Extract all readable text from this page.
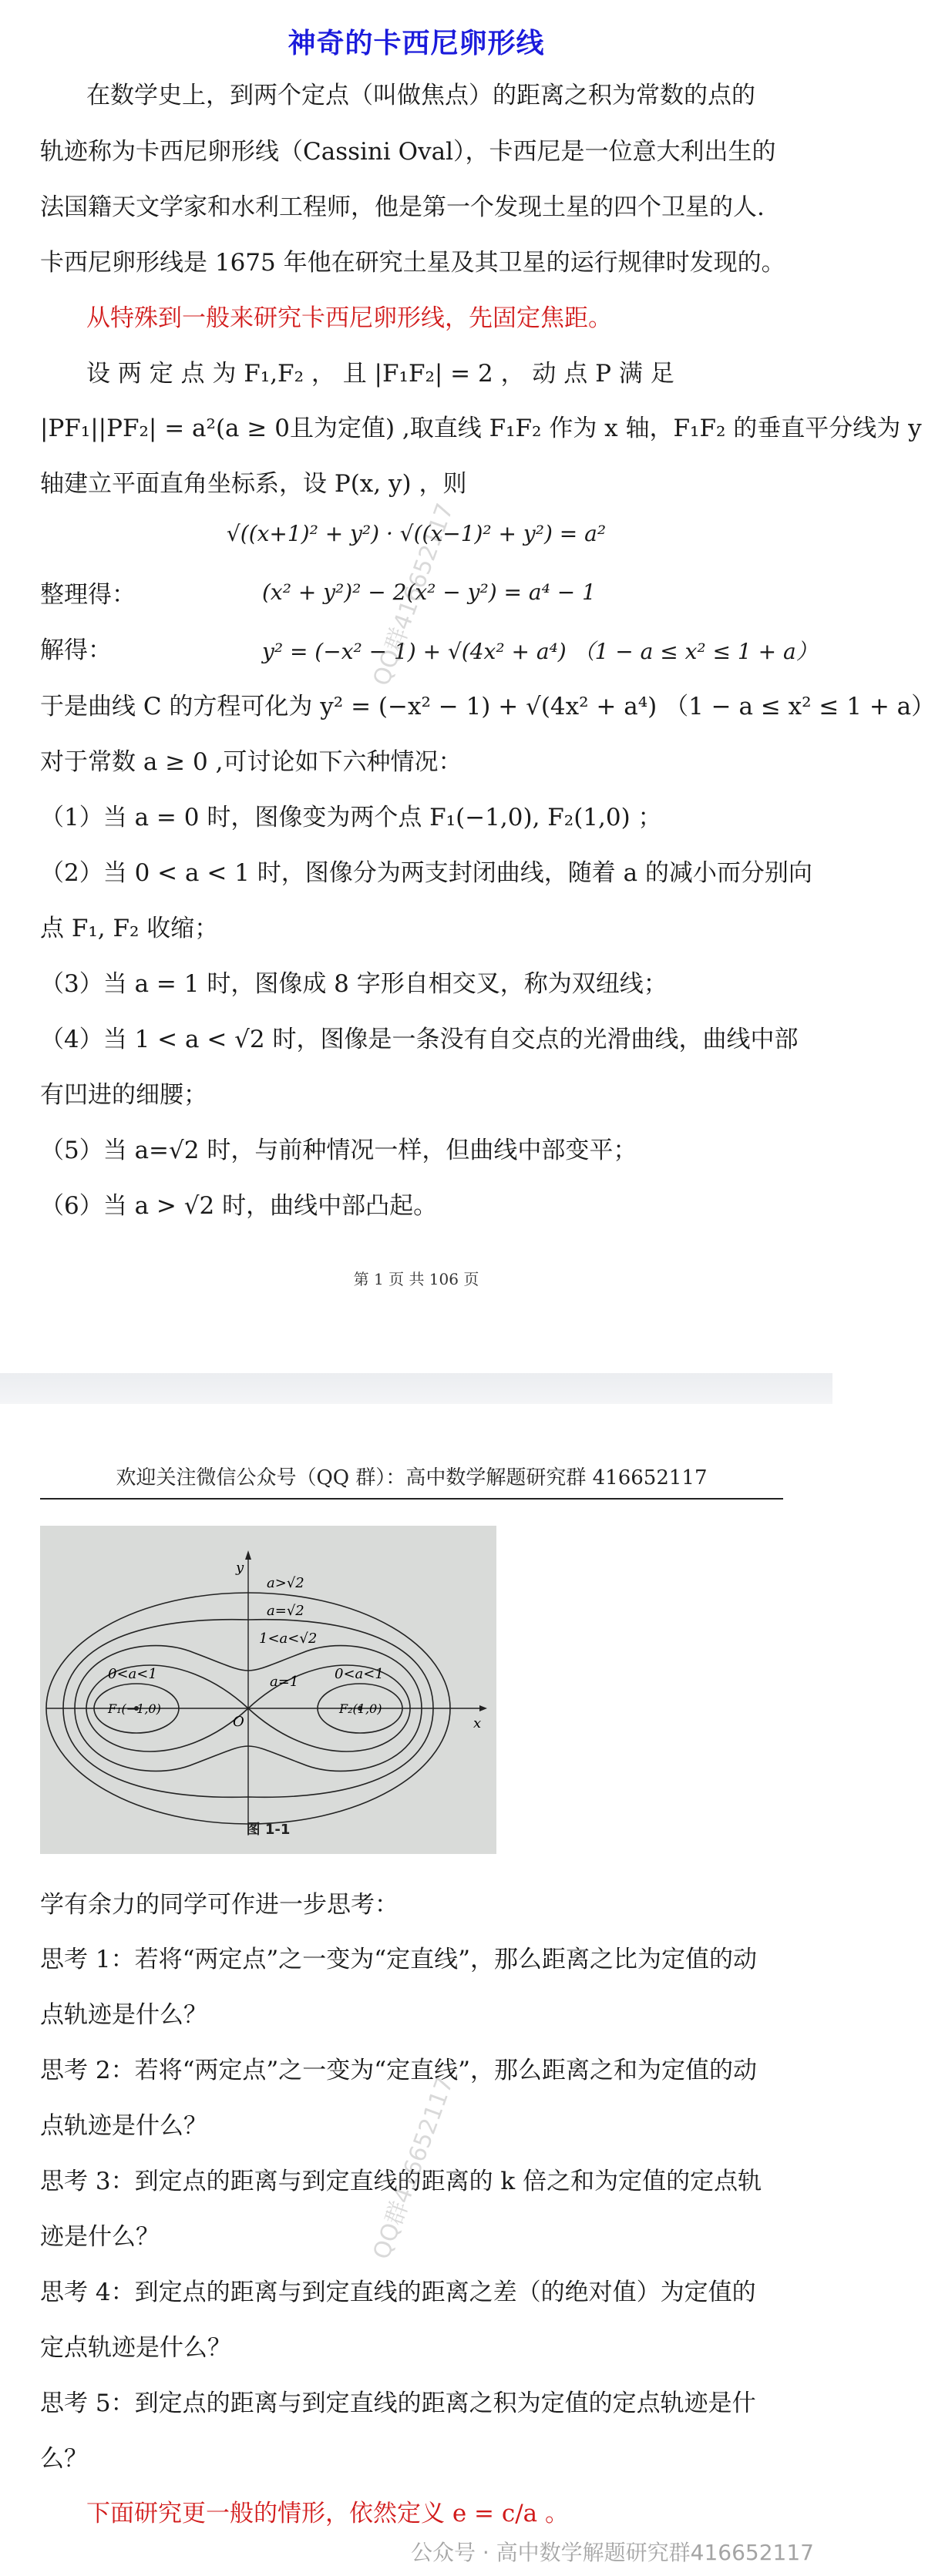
神奇的卡西尼卵形线
在数学史上，到两个定点（叫做焦点）的距离之积为常数的点的
轨迹称为卡西尼卵形线（Cassini Oval），卡西尼是一位意大利出生的
法国籍天文学家和水利工程师，他是第一个发现土星的四个卫星的人.
卡西尼卵形线是 1675 年他在研究土星及其卫星的运行规律时发现的。
从特殊到一般来研究卡西尼卵形线，先固定焦距。
设 两 定 点 为 F₁,F₂ ， 且 |F₁F₂| = 2 ， 动 点 P 满 足
|PF₁||PF₂| = a²(a ≥ 0且为定值) ,取直线 F₁F₂ 作为 x 轴，F₁F₂ 的垂直平分线为 y
轴建立平面直角坐标系，设 P(x, y) ，则
√((x+1)² + y²) · √((x−1)² + y²) = a²
整理得：	(x² + y²)² − 2(x² − y²) = a⁴ − 1
解得：	y² = (−x² − 1) + √(4x² + a⁴) （1 − a ≤ x² ≤ 1 + a）
于是曲线 C 的方程可化为 y² = (−x² − 1) + √(4x² + a⁴) （1 − a ≤ x² ≤ 1 + a）
对于常数 a ≥ 0 ,可讨论如下六种情况：
（1）当 a = 0 时，图像变为两个点 F₁(−1,0), F₂(1,0) ；
（2）当 0 < a < 1 时，图像分为两支封闭曲线，随着 a 的减小而分别向
点 F₁, F₂ 收缩；
（3）当 a = 1 时，图像成 8 字形自相交叉，称为双纽线；
（4）当 1 < a < √2 时，图像是一条没有自交点的光滑曲线，曲线中部
有凹进的细腰；
（5）当 a=√2 时，与前种情况一样，但曲线中部变平；
（6）当 a > √2 时，曲线中部凸起。
QQ群416652117
第 1 页 共 106 页
欢迎关注微信公众号（QQ 群）：高中数学解题研究群 416652117
y
x
O
a>√2
a=√2
1<a<√2
a=1
0<a<1	0<a<1
F₁(−1,0)	F₂(1,0)
图 1-1
学有余力的同学可作进一步思考：
思考 1：若将“两定点”之一变为“定直线”，那么距离之比为定值的动
点轨迹是什么？
思考 2：若将“两定点”之一变为“定直线”，那么距离之和为定值的动
点轨迹是什么？
思考 3：到定点的距离与到定直线的距离的 k 倍之和为定值的定点轨
迹是什么？
思考 4：到定点的距离与到定直线的距离之差（的绝对值）为定值的
定点轨迹是什么？
思考 5：到定点的距离与到定直线的距离之积为定值的定点轨迹是什
么？
下面研究更一般的情形，依然定义 e = c/a 。
QQ群416652117
公众号 · 高中数学解题研究群416652117
